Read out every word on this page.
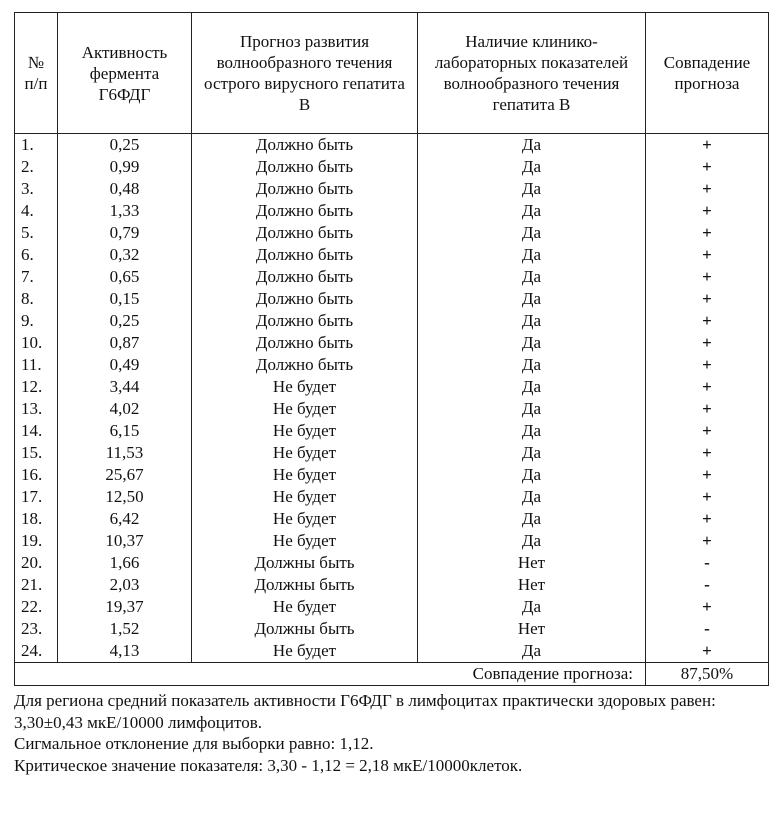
№ п/п	Активность фермента Г6ФДГ	Прогноз развития волнообразного течения острого вирусного гепатита В	Наличие клинико-лабораторных показателей волнообразного течения гепатита В	Совпадение прогноза
1.	0,25	Должно быть	Да	+
2.	0,99	Должно быть	Да	+
3.	0,48	Должно быть	Да	+
4.	1,33	Должно быть	Да	+
5.	0,79	Должно быть	Да	+
6.	0,32	Должно быть	Да	+
7.	0,65	Должно быть	Да	+
8.	0,15	Должно быть	Да	+
9.	0,25	Должно быть	Да	+
10.	0,87	Должно быть	Да	+
11.	0,49	Должно быть	Да	+
12.	3,44	Не будет	Да	+
13.	4,02	Не будет	Да	+
14.	6,15	Не будет	Да	+
15.	11,53	Не будет	Да	+
16.	25,67	Не будет	Да	+
17.	12,50	Не будет	Да	+
18.	6,42	Не будет	Да	+
19.	10,37	Не будет	Да	+
20.	1,66	Должны быть	Нет	-
21.	2,03	Должны быть	Нет	-
22.	19,37	Не будет	Да	+
23.	1,52	Должны быть	Нет	-
24.	4,13	Не будет	Да	+
Совпадение прогноза:				87,50%

Для региона средний показатель активности Г6ФДГ в лимфоцитах практически здоровых равен: 3,30±0,43 мкЕ/10000 лимфоцитов.

Сигмальное отклонение для выборки равно: 1,12.

Критическое значение показателя: 3,30 - 1,12 = 2,18 мкЕ/10000клеток.
